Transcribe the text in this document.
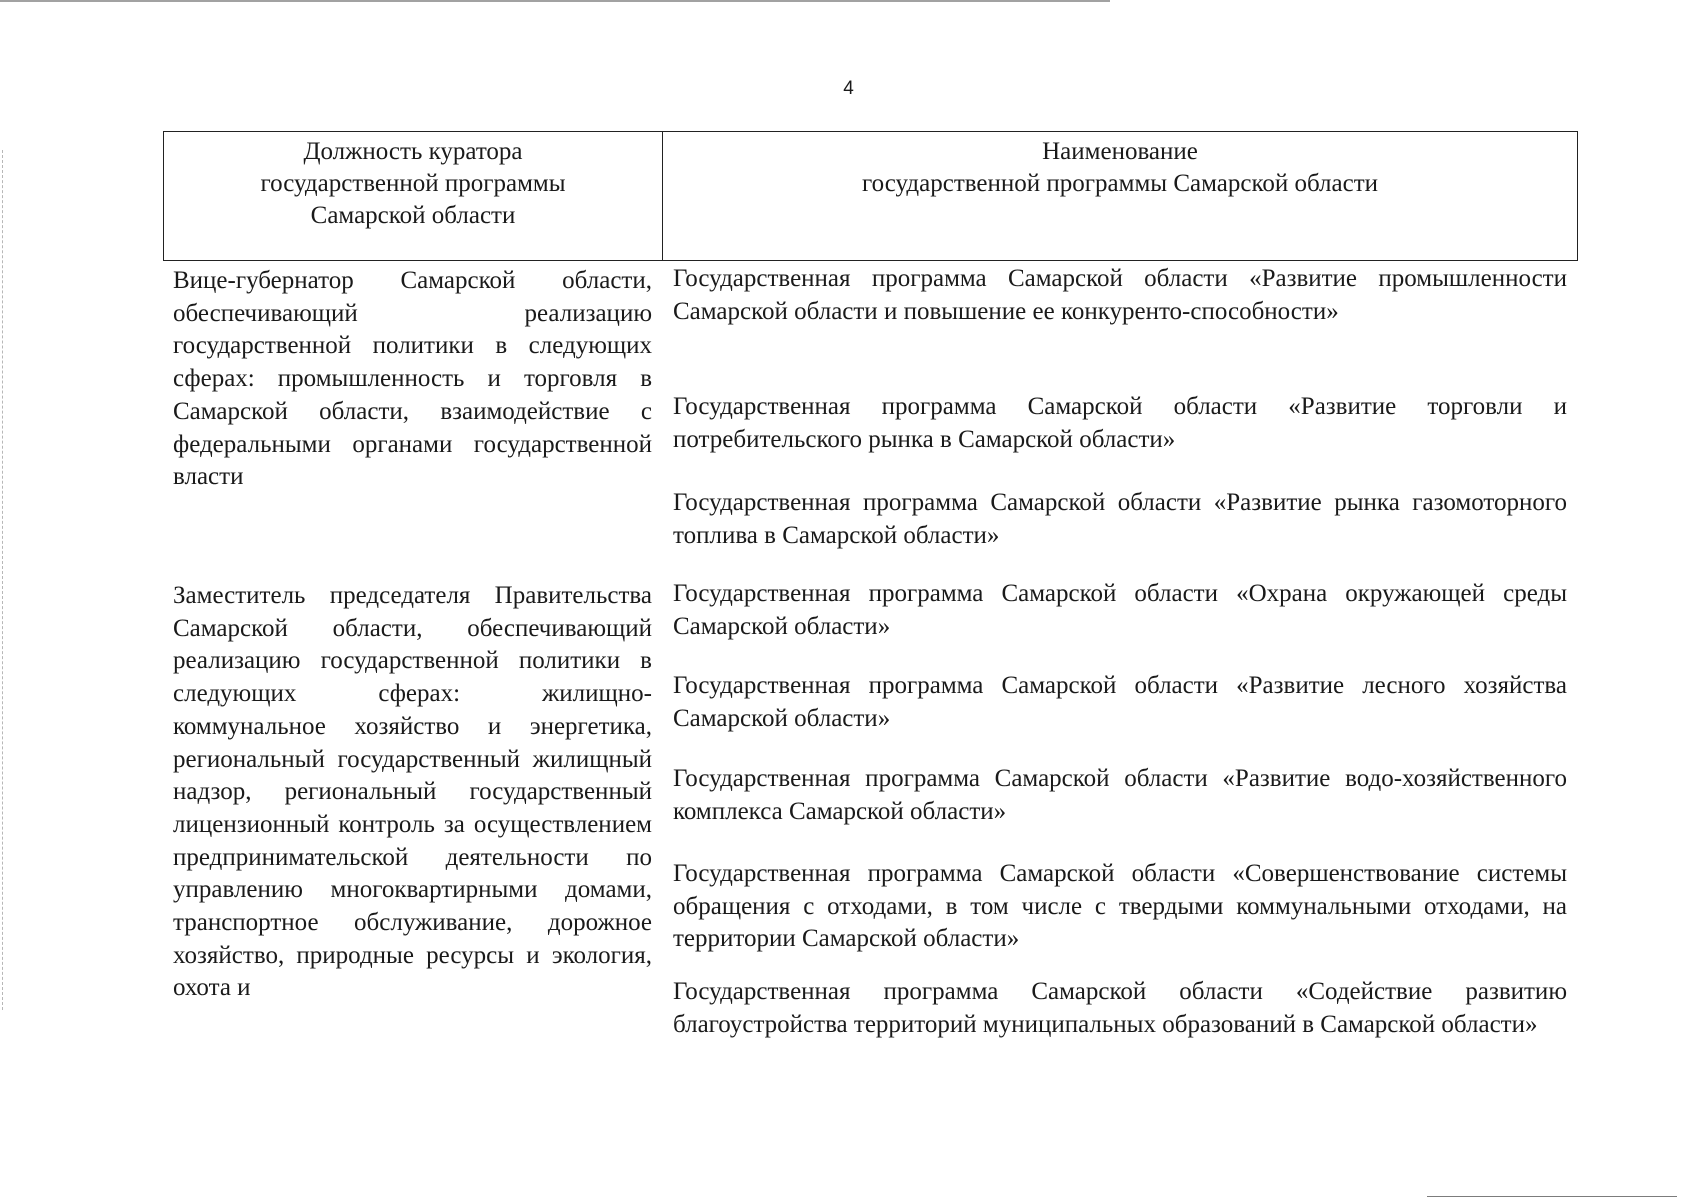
4
Должность куратора
государственной программы
Самарской области
Наименование
государственной программы Самарской области
Вице-губернатор Самарской области, обеспечивающий реализацию государственной политики в следующих сферах: промышленность и торговля в Самарской области, взаимодействие с федеральными органами государственной власти
Заместитель председателя Правительства Самарской области, обеспечивающий реализацию государственной политики в следующих сферах: жилищно-коммунальное хозяйство и энергетика, региональный государственный жилищный надзор, региональный государственный лицензионный контроль за осуществлением предпринимательской деятельности по управлению многоквартирными домами, транспортное обслуживание, дорожное хозяйство, природные ресурсы и экология, охота и
Государственная программа Самарской области «Развитие промышленности Самарской области и повышение ее конкуренто-способности»
Государственная программа Самарской области «Развитие торговли и потребительского рынка в Самарской области»
Государственная программа Самарской области «Развитие рынка газомоторного топлива в Самарской области»
Государственная программа Самарской области «Охрана окружающей среды Самарской области»
Государственная программа Самарской области «Развитие лесного хозяйства Самарской области»
Государственная программа Самарской области «Развитие водо-хозяйственного комплекса Самарской области»
Государственная программа Самарской области «Совершенствование системы обращения с отходами, в том числе с твердыми коммунальными отходами, на территории Самарской области»
Государственная программа Самарской области «Содействие развитию благоустройства территорий муниципальных образований в Самарской области»
